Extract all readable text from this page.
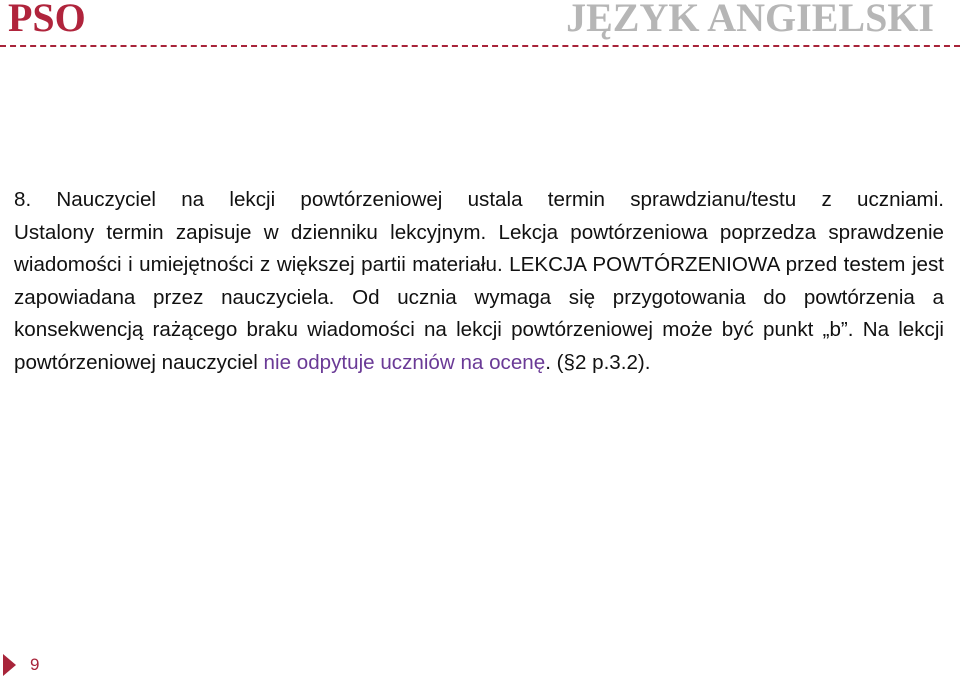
PSO	JĘZYK ANGIELSKI
8. Nauczyciel na lekcji powtórzeniowej ustala termin sprawdzianu/testu z uczniami.
Ustalony termin zapisuje w dzienniku lekcyjnym. Lekcja powtórzeniowa poprzedza sprawdzenie wiadomości i umiejętności z większej partii materiału. LEKCJA POWTÓRZENIOWA przed testem jest zapowiadana przez nauczyciela. Od ucznia wymaga się przygotowania do powtórzenia a konsekwencją rażącego braku wiadomości na lekcji powtórzeniowej może być punkt „b”. Na lekcji powtórzeniowej nauczyciel nie odpytuje uczniów na ocenę. (§2 p.3.2).
9
